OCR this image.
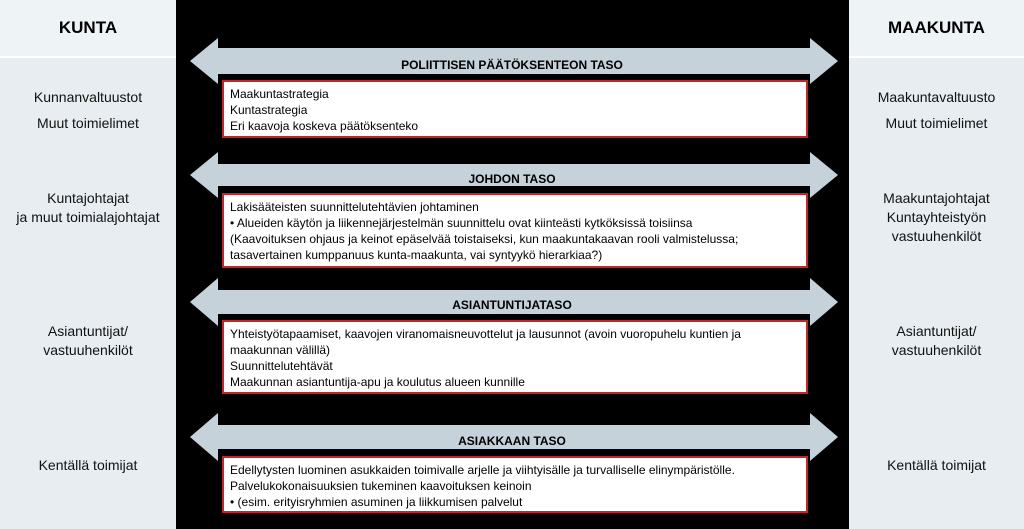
KUNTA
Kunnanvaltuustot
Muut toimielimet
Kuntajohtajat
ja muut toimialajohtajat
Asiantuntijat/
vastuuhenkilöt
Kentällä toimijat
MAAKUNTA
Maakuntavaltuusto
Muut toimielimet
Maakuntajohtajat
Kuntayhteistyön
vastuuhenkilöt
Asiantuntijat/
vastuuhenkilöt
Kentällä toimijat
POLIITTISEN PÄÄTÖKSENTEON TASO
JOHDON TASO
ASIANTUNTIJATASO
ASIAKKAAN TASO
Maakuntastrategia
Kuntastrategia
Eri kaavoja koskeva päätöksenteko
Lakisääteisten suunnittelutehtävien johtaminen
• Alueiden käytön ja liikennejärjestelmän suunnittelu ovat kiinteästi kytköksissä toisiinsa
(Kaavoituksen ohjaus ja keinot epäselvää toistaiseksi, kun maakuntakaavan rooli valmistelussa;
tasavertainen kumppanuus kunta-maakunta, vai syntyykö hierarkiaa?)
Yhteistyötapaamiset, kaavojen viranomaisneuvottelut ja lausunnot (avoin vuoropuhelu kuntien ja
maakunnan välillä)
Suunnittelutehtävät
Maakunnan asiantuntija-apu ja koulutus alueen kunnille
Edellytysten luominen asukkaiden toimivalle arjelle ja viihtyisälle ja turvalliselle elinympäristölle.
Palvelukokonaisuuksien tukeminen kaavoituksen keinoin
• (esim. erityisryhmien asuminen ja liikkumisen palvelut
